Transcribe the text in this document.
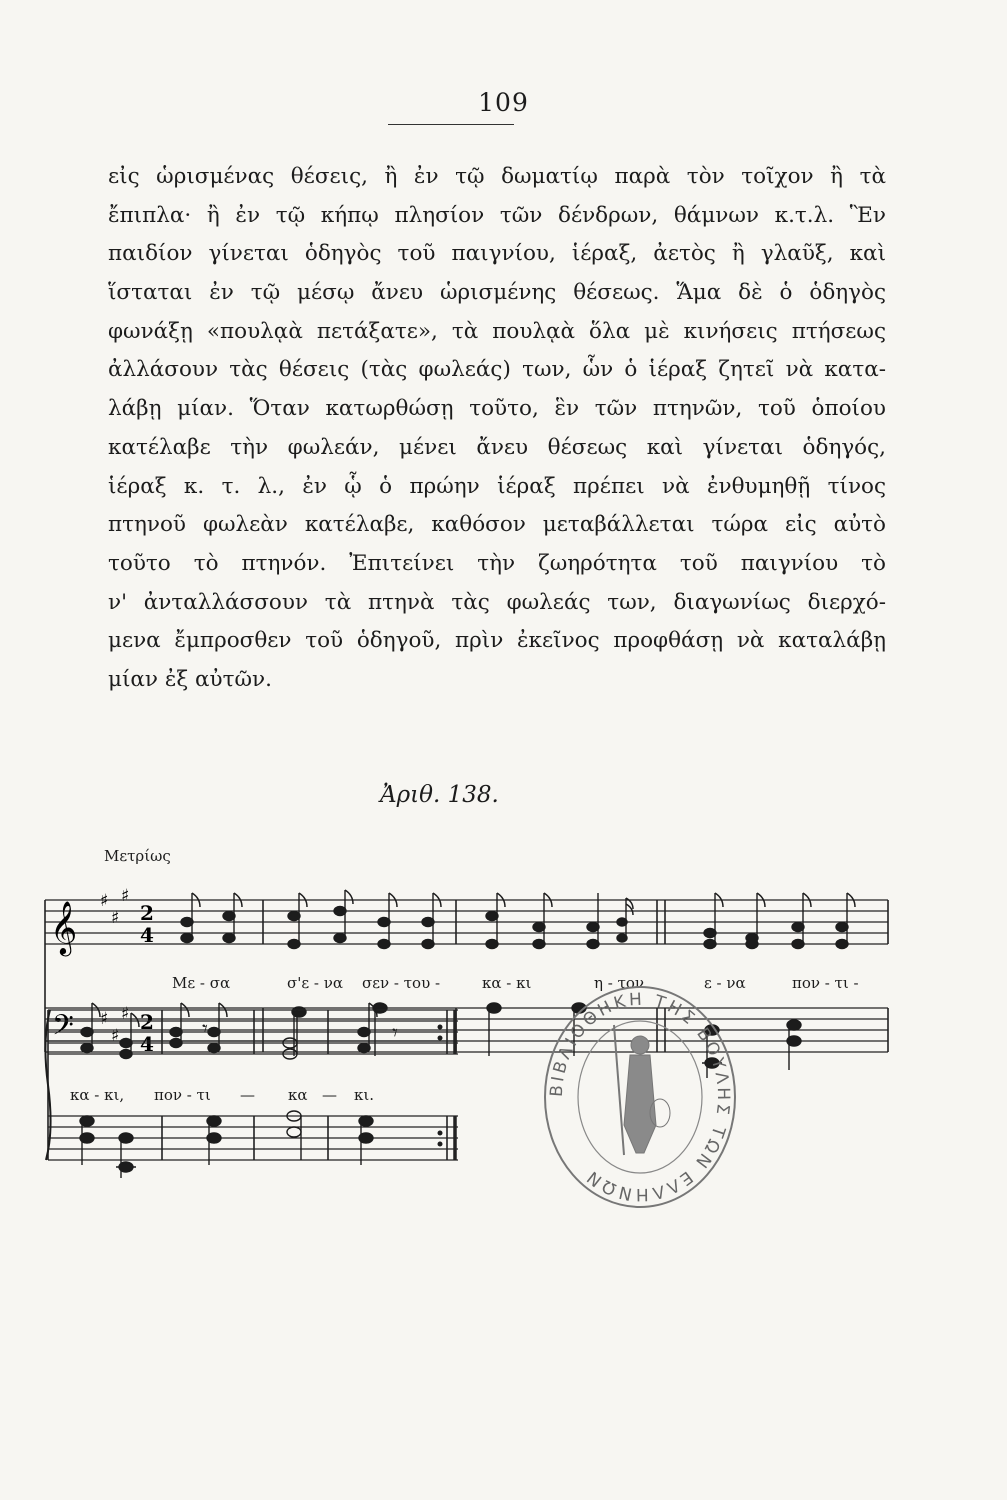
109
εἰς ὡρισμένας θέσεις, ἢ ἐν τῷ δωματίῳ παρὰ τὸν τοῖχον ἢ τὰ
ἔπιπλα· ἢ ἐν τῷ κήπῳ πλησίον τῶν δένδρων, θάμνων κ.τ.λ. Ἓν
παιδίον γίνεται ὁδηγὸς τοῦ παιγνίου, ἱέραξ, ἀετὸς ἢ γλαῦξ, καὶ
ἵσταται ἐν τῷ μέσῳ ἄνευ ὡρισμένης θέσεως. Ἅμα δὲ ὁ ὁδηγὸς
φωνάξῃ «πουλᾳὰ πετάξατε», τὰ πουλᾳὰ ὅλα μὲ κινήσεις πτήσεως
ἀλλάσουν τὰς θέσεις (τὰς φωλεάς) των, ὧν ὁ ἱέραξ ζητεῖ νὰ κατα-
λάβῃ μίαν. Ὅταν κατωρθώσῃ τοῦτο, ἓν τῶν πτηνῶν, τοῦ ὁποίου
κατέλαβε τὴν φωλεάν, μένει ἄνευ θέσεως καὶ γίνεται ὁδηγός,
ἱέραξ κ. τ. λ., ἐν ᾧ ὁ πρώην ἱέραξ πρέπει νὰ ἐνθυμηθῇ τίνος
πτηνοῦ φωλεὰν κατέλαβε, καθόσον μεταβάλλεται τώρα εἰς αὐτὸ
τοῦτο τὸ πτηνόν. Ἐπιτείνει τὴν ζωηρότητα τοῦ παιγνίου τὸ
ν' ἀνταλλάσσουν τὰ πτηνὰ τὰς φωλεάς των, διαγωνίως διερχό-
μενα ἔμπροσθεν τοῦ ὁδηγοῦ, πρὶν ἐκεῖνος προφθάσῃ νὰ καταλάβῃ
μίαν ἐξ αὐτῶν.
Ἀριθ. 138.
Μετρίως
𝄞
𝄢
♯
♯
♯
♯
♯
♯
2
4
2
4
𝄾
Με - σα	σ'ε - να σεν - του -	κα - κι	η - τον	ε - να	πον - τι -
𝄾
κα - κι, πον - τι — κα — κι.	ΒΙΒΛΙΟΘΗΚΗ ΤΗΣ ΒΟΥΛΗΣ ΤΩΝ ΕΛΛΗΝΩΝ
